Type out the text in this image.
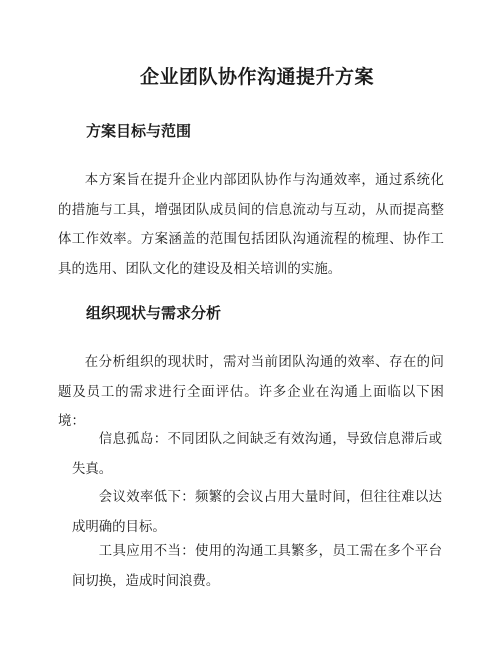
企业团队协作沟通提升方案
方案目标与范围

本方案旨在提升企业内部团队协作与沟通效率，通过系统化的措施与工具，增强团队成员间的信息流动与互动，从而提高整体工作效率。方案涵盖的范围包括团队沟通流程的梳理、协作工具的选用、团队文化的建设及相关培训的实施。

组织现状与需求分析

在分析组织的现状时，需对当前团队沟通的效率、存在的问题及员工的需求进行全面评估。许多企业在沟通上面临以下困境：

信息孤岛：不同团队之间缺乏有效沟通，导致信息滞后或失真。

会议效率低下：频繁的会议占用大量时间，但往往难以达成明确的目标。

工具应用不当：使用的沟通工具繁多，员工需在多个平台间切换，造成时间浪费。
